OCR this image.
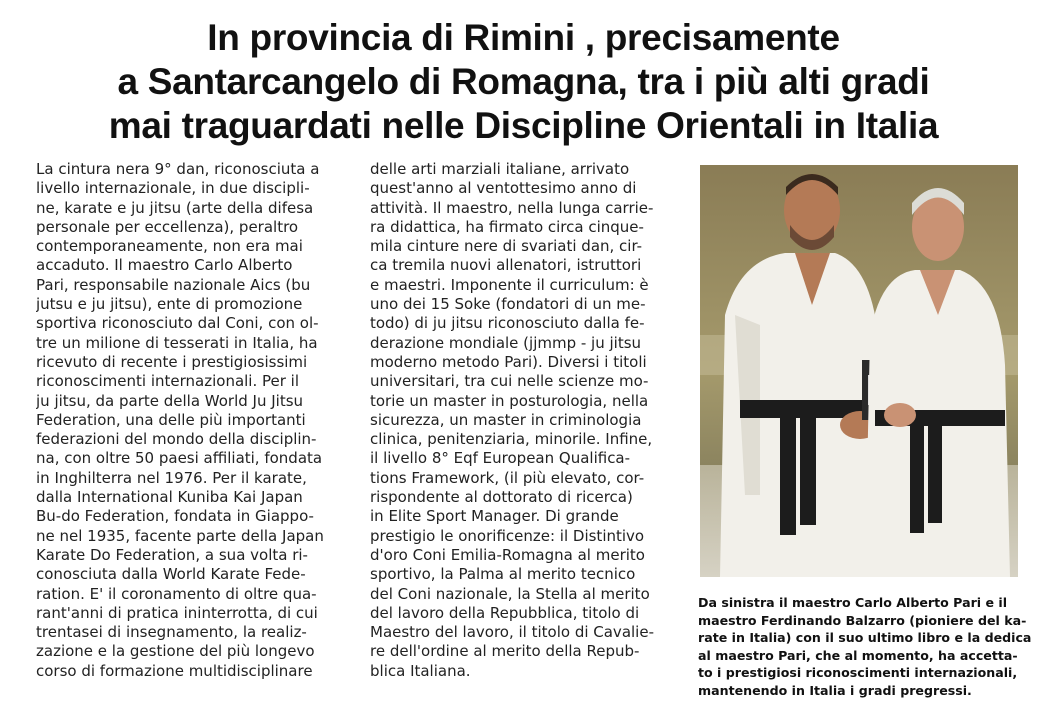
In provincia di Rimini , precisamente
a Santarcangelo di Romagna, tra i più alti gradi
mai traguardati nelle Discipline Orientali in Italia
La cintura nera 9° dan, riconosciuta a
livello internazionale, in due discipli-
ne, karate e ju jitsu (arte della difesa
personale per eccellenza), peraltro
contemporaneamente, non era mai
accaduto. Il maestro Carlo Alberto
Pari, responsabile nazionale Aics (bu
jutsu e ju jitsu), ente di promozione
sportiva riconosciuto dal Coni, con ol-
tre un milione di tesserati in Italia, ha
ricevuto di recente i prestigiosissimi
riconoscimenti internazionali. Per il
ju jitsu, da parte della World Ju Jitsu
Federation, una delle più importanti
federazioni del mondo della disciplin-
na, con oltre 50 paesi affiliati, fondata
in Inghilterra nel 1976. Per il karate,
dalla International Kuniba Kai Japan
Bu-do Federation, fondata in Giappo-
ne nel 1935, facente parte della Japan
Karate Do Federation, a sua volta ri-
conosciuta dalla World Karate Fede-
ration. E' il coronamento di oltre qua-
rant'anni di pratica ininterrotta, di cui
trentasei di insegnamento, la realiz-
zazione e la gestione del più longevo
corso di formazione multidisciplinare
delle arti marziali italiane, arrivato
quest'anno al ventottesimo anno di
attività. Il maestro, nella lunga carrie-
ra didattica, ha firmato circa cinque-
mila cinture nere di svariati dan, cir-
ca tremila nuovi allenatori, istruttori
e maestri. Imponente il curriculum: è
uno dei 15 Soke (fondatori di un me-
todo) di ju jitsu riconosciuto dalla fe-
derazione mondiale (jjmmp - ju jitsu
moderno metodo Pari). Diversi i titoli
universitari, tra cui nelle scienze mo-
torie un master in posturologia, nella
sicurezza, un master in criminologia
clinica, penitenziaria, minorile. Infine,
il livello 8° Eqf European Qualifica-
tions Framework, (il più elevato, cor-
rispondente al dottorato di ricerca)
in Elite Sport Manager. Di grande
prestigio le onorificenze: il Distintivo
d'oro Coni Emilia-Romagna al merito
sportivo, la Palma al merito tecnico
del Coni nazionale, la Stella al merito
del lavoro della Repubblica, titolo di
Maestro del lavoro, il titolo di Cavalie-
re dell'ordine al merito della Repub-
blica Italiana.
Da sinistra il maestro Carlo Alberto Pari e il
maestro Ferdinando Balzarro (pioniere del ka-
rate in Italia) con il suo ultimo libro e la dedica
al maestro Pari, che al momento, ha accetta-
to i prestigiosi riconoscimenti internazionali,
mantenendo in Italia i gradi pregressi.
